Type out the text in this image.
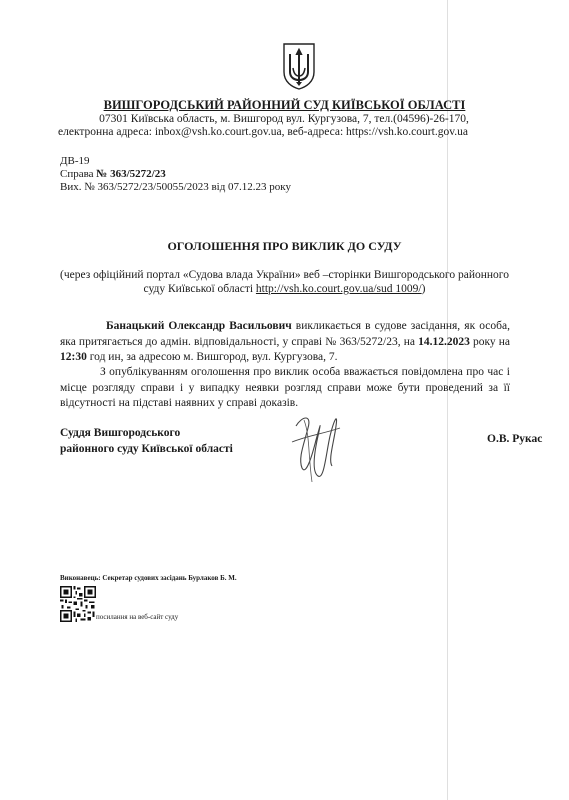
ВИШГОРОДСЬКИЙ РАЙОННИЙ СУД КИЇВСЬКОЇ ОБЛАСТІ
07301 Київська область, м. Вишгород вул. Кургузова, 7, тел.(04596)-26-170,
електронна адреса: inbox@vsh.ko.court.gov.ua, веб-адреса: https://vsh.ko.court.gov.ua
ДВ-19
Справа № 363/5272/23
Вих. № 363/5272/23/50055/2023 від 07.12.23 року
ОГОЛОШЕННЯ ПРО ВИКЛИК ДО СУДУ
(через офіційний портал «Судова влада України» веб –сторінки Вишгородського районного
суду Київської області http://vsh.ko.court.gov.ua/sud 1009/)
Банацький Олександр Васильович викликається в судове засідання, як особа, яка притягається до адмін. відповідальності, у справі № 363/5272/23, на 14.12.2023 року на 12:30 год ин, за адресою м. Вишгород, вул. Кургузова, 7.
З опублікуванням оголошення про виклик особа вважається повідомлена про час і місце розгляду справи і у випадку неявки розгляд справи може бути проведений за її відсутності на підставі наявних у справі доказів.
Суддя Вишгородського
районного суду Київської області
О.В. Рукас
Виконавець: Секретар судових засідань Бурлаков Б. М.
посилання на веб-сайт суду
